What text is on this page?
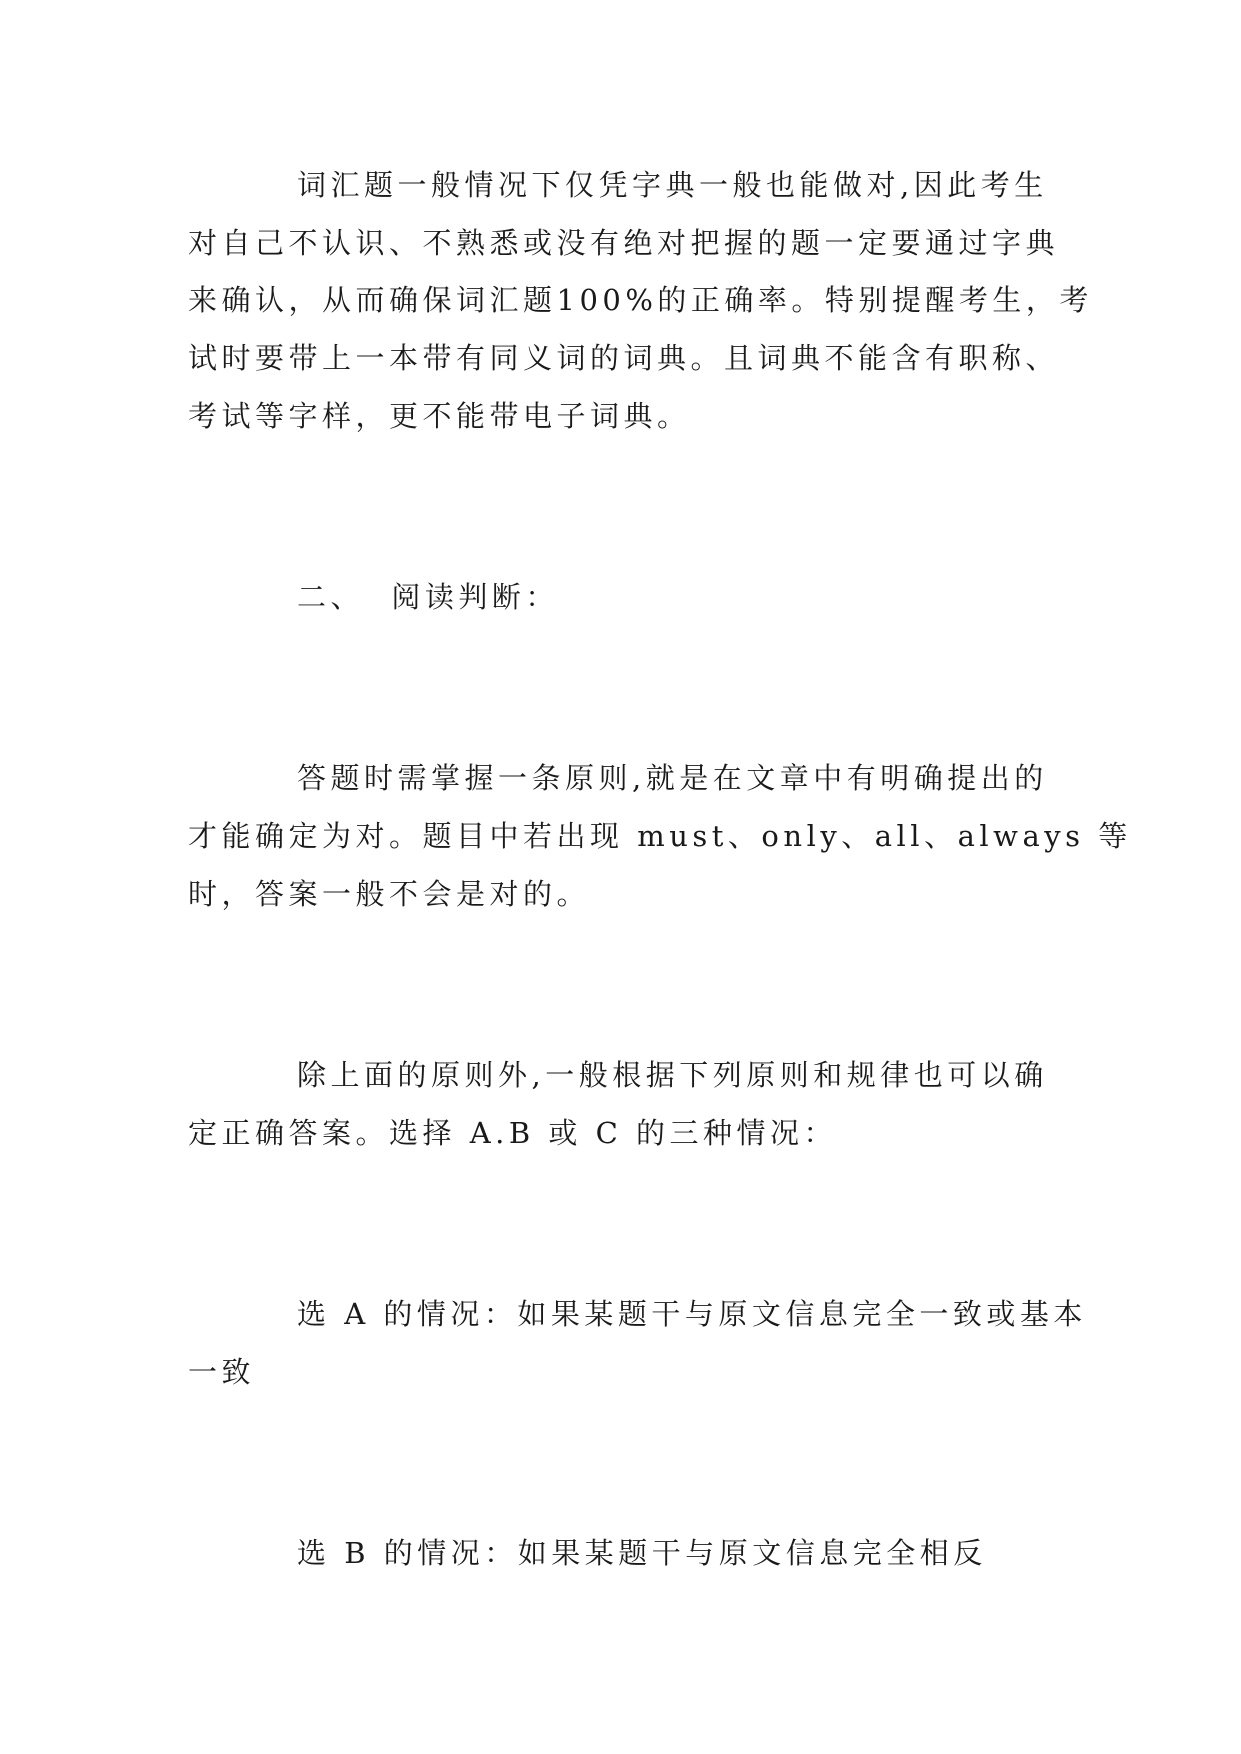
词汇题一般情况下仅凭字典一般也能做对,因此考生

对自己不认识、不熟悉或没有绝对把握的题一定要通过字典

来确认，从而确保词汇题100%的正确率。特别提醒考生，考

试时要带上一本带有同义词的词典。且词典不能含有职称、

考试等字样，更不能带电子词典。

二、  阅读判断：

答题时需掌握一条原则,就是在文章中有明确提出的

才能确定为对。题目中若出现 must、only、all、always 等

时，答案一般不会是对的。

除上面的原则外,一般根据下列原则和规律也可以确

定正确答案。选择 A.B 或 C 的三种情况：

选 A 的情况：如果某题干与原文信息完全一致或基本

一致

选 B 的情况：如果某题干与原文信息完全相反
